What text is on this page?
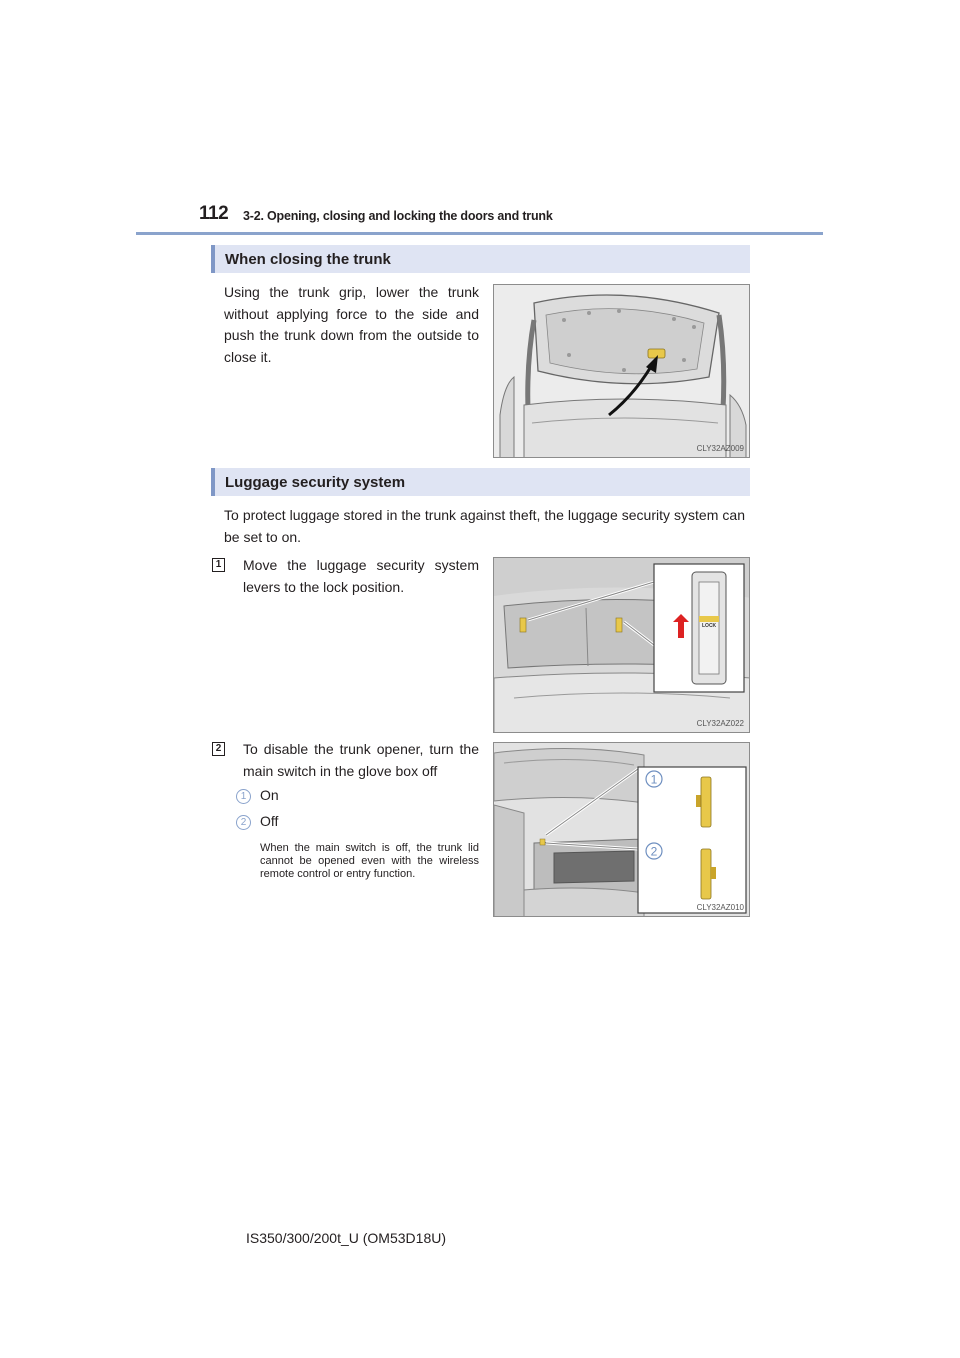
112 3-2. Opening, closing and locking the doors and trunk
When closing the trunk
Using the trunk grip, lower the trunk without applying force to the side and push the trunk down from the outside to close it.
CLY32AZ009
Luggage security system
To protect luggage stored in the trunk against theft, the luggage security system can be set to on.
1 Move the luggage security system levers to the lock position.
LOCK
CLY32AZ022
2 To disable the trunk opener, turn the main switch in the glove box off
1 On
2 Off
When the main switch is off, the trunk lid cannot be opened even with the wireless remote control or entry function.
1
2
CLY32AZ010
IS350/300/200t_U (OM53D18U)
